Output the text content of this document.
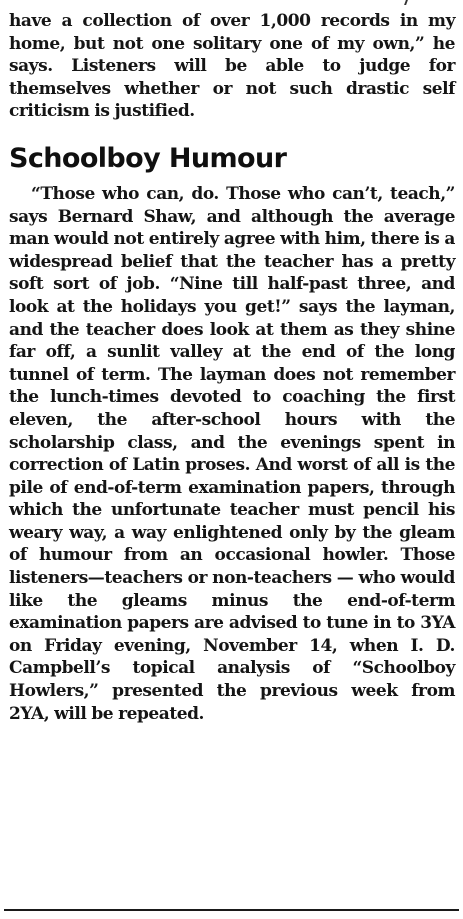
have a collection of over 1,000 records in my home, but not one solitary one of my own,” he says. Listeners will be able to judge for themselves whether or not such drastic self criticism is justified.

Schoolboy Humour

“Those who can, do. Those who can’t, teach,” says Bernard Shaw, and although the average man would not entirely agree with him, there is a widespread belief that the teacher has a pretty soft sort of job. “Nine till half-past three, and look at the holidays you get!” says the layman, and the teacher does look at them as they shine far off, a sunlit valley at the end of the long tunnel of term. The layman does not remember the lunch-times devoted to coaching the first eleven, the after-school hours with the scholarship class, and the evenings spent in correction of Latin proses. And worst of all is the pile of end-of-term examination papers, through which the unfortunate teacher must pencil his weary way, a way enlightened only by the gleam of humour from an occasional howler. Those listeners—teachers or non-teachers — who would like the gleams minus the end-of-term examination papers are advised to tune in to 3YA on Friday evening, November 14, when I. D. Campbell’s topical analysis of “Schoolboy Howlers,” presented the previous week from 2YA, will be repeated.
